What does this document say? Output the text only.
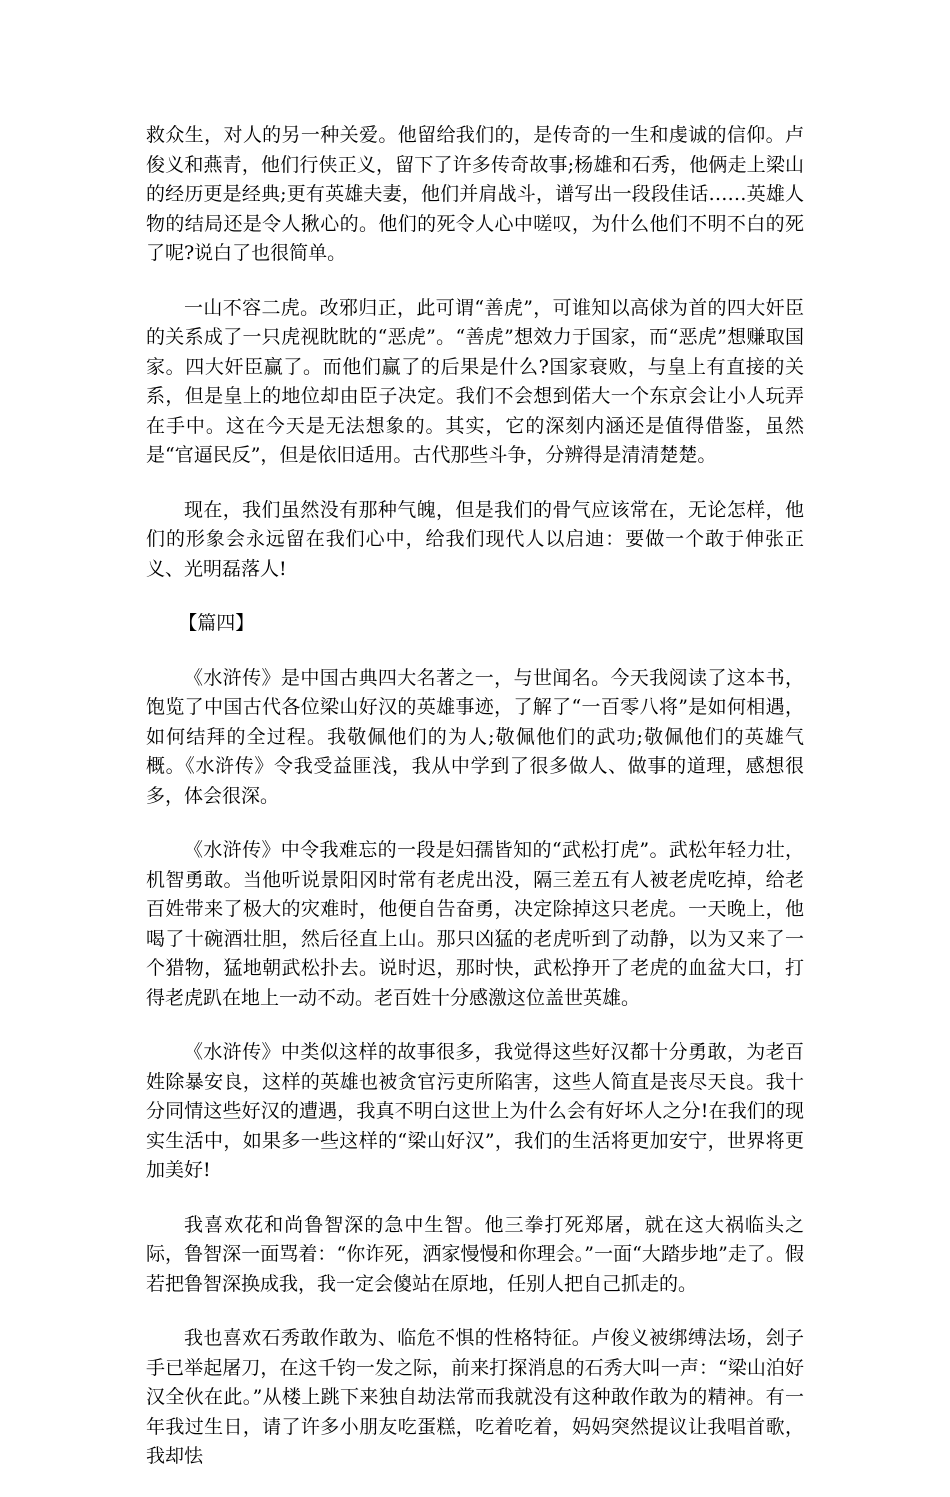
救众生，对人的另一种关爱。他留给我们的，是传奇的一生和虔诚的信仰。卢俊义和燕青，他们行侠正义，留下了许多传奇故事;杨雄和石秀，他俩走上梁山的经历更是经典;更有英雄夫妻，他们并肩战斗，谱写出一段段佳话……英雄人物的结局还是令人揪心的。他们的死令人心中嗟叹，为什么他们不明不白的死了呢?说白了也很简单。

一山不容二虎。改邪归正，此可谓“善虎”，可谁知以高俅为首的四大奸臣的关系成了一只虎视眈眈的“恶虎”。“善虎”想效力于国家，而“恶虎”想赚取国家。四大奸臣赢了。而他们赢了的后果是什么?国家衰败，与皇上有直接的关系，但是皇上的地位却由臣子决定。我们不会想到偌大一个东京会让小人玩弄在手中。这在今天是无法想象的。其实，它的深刻内涵还是值得借鉴，虽然是“官逼民反”，但是依旧适用。古代那些斗争，分辨得是清清楚楚。

现在，我们虽然没有那种气魄，但是我们的骨气应该常在，无论怎样，他们的形象会永远留在我们心中，给我们现代人以启迪：要做一个敢于伸张正义、光明磊落人!

【篇四】

《水浒传》是中国古典四大名著之一，与世闻名。今天我阅读了这本书，饱览了中国古代各位梁山好汉的英雄事迹，了解了“一百零八将”是如何相遇，如何结拜的全过程。我敬佩他们的为人;敬佩他们的武功;敬佩他们的英雄气概。《水浒传》令我受益匪浅，我从中学到了很多做人、做事的道理，感想很多，体会很深。

《水浒传》中令我难忘的一段是妇孺皆知的“武松打虎”。武松年轻力壮，机智勇敢。当他听说景阳冈时常有老虎出没，隔三差五有人被老虎吃掉，给老百姓带来了极大的灾难时，他便自告奋勇，决定除掉这只老虎。一天晚上，他喝了十碗酒壮胆，然后径直上山。那只凶猛的老虎听到了动静，以为又来了一个猎物，猛地朝武松扑去。说时迟，那时快，武松挣开了老虎的血盆大口，打得老虎趴在地上一动不动。老百姓十分感激这位盖世英雄。

《水浒传》中类似这样的故事很多，我觉得这些好汉都十分勇敢，为老百姓除暴安良，这样的英雄也被贪官污吏所陷害，这些人简直是丧尽天良。我十分同情这些好汉的遭遇，我真不明白这世上为什么会有好坏人之分!在我们的现实生活中，如果多一些这样的“梁山好汉”，我们的生活将更加安宁，世界将更加美好!

我喜欢花和尚鲁智深的急中生智。他三拳打死郑屠，就在这大祸临头之际，鲁智深一面骂着：“你诈死，洒家慢慢和你理会。”一面“大踏步地”走了。假若把鲁智深换成我，我一定会傻站在原地，任别人把自己抓走的。

我也喜欢石秀敢作敢为、临危不惧的性格特征。卢俊义被绑缚法场，刽子手已举起屠刀，在这千钧一发之际，前来打探消息的石秀大叫一声：“梁山泊好汉全伙在此。”从楼上跳下来独自劫法常而我就没有这种敢作敢为的精神。有一年我过生日，请了许多小朋友吃蛋糕，吃着吃着，妈妈突然提议让我唱首歌，我却怯
